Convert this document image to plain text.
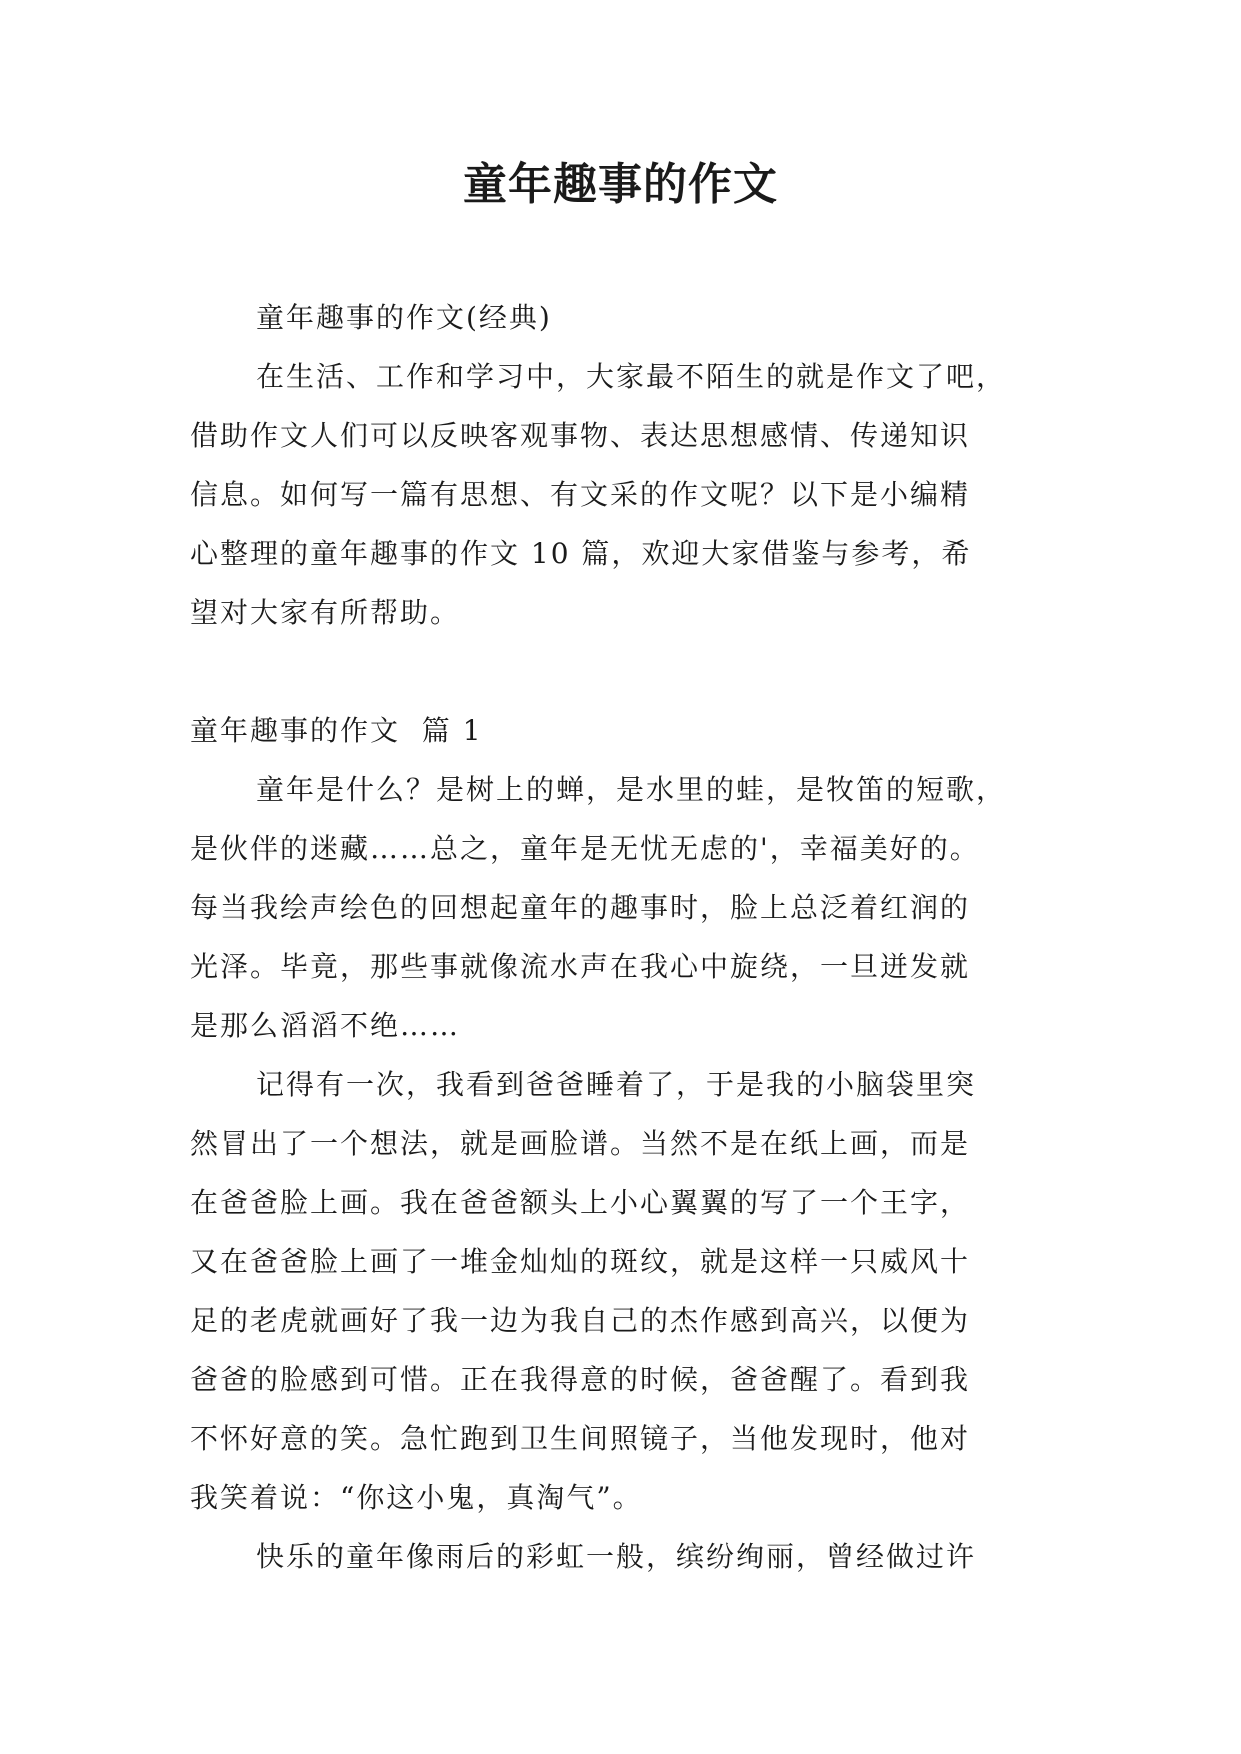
童年趣事的作文

童年趣事的作文(经典)

在生活、工作和学习中，大家最不陌生的就是作文了吧，

借助作文人们可以反映客观事物、表达思想感情、传递知识

信息。如何写一篇有思想、有文采的作文呢？以下是小编精

心整理的童年趣事的作文 10 篇，欢迎大家借鉴与参考，希

望对大家有所帮助。

童年趣事的作文  篇 1

童年是什么？是树上的蝉，是水里的蛙，是牧笛的短歌，

是伙伴的迷藏……总之，童年是无忧无虑的'，幸福美好的。

每当我绘声绘色的回想起童年的趣事时，脸上总泛着红润的

光泽。毕竟，那些事就像流水声在我心中旋绕，一旦迸发就

是那么滔滔不绝……

记得有一次，我看到爸爸睡着了，于是我的小脑袋里突

然冒出了一个想法，就是画脸谱。当然不是在纸上画，而是

在爸爸脸上画。我在爸爸额头上小心翼翼的写了一个王字，

又在爸爸脸上画了一堆金灿灿的斑纹，就是这样一只威风十

足的老虎就画好了我一边为我自己的杰作感到高兴，以便为

爸爸的脸感到可惜。正在我得意的时候，爸爸醒了。看到我

不怀好意的笑。急忙跑到卫生间照镜子，当他发现时，他对

我笑着说：“你这小鬼，真淘气”。

快乐的童年像雨后的彩虹一般，缤纷绚丽，曾经做过许
